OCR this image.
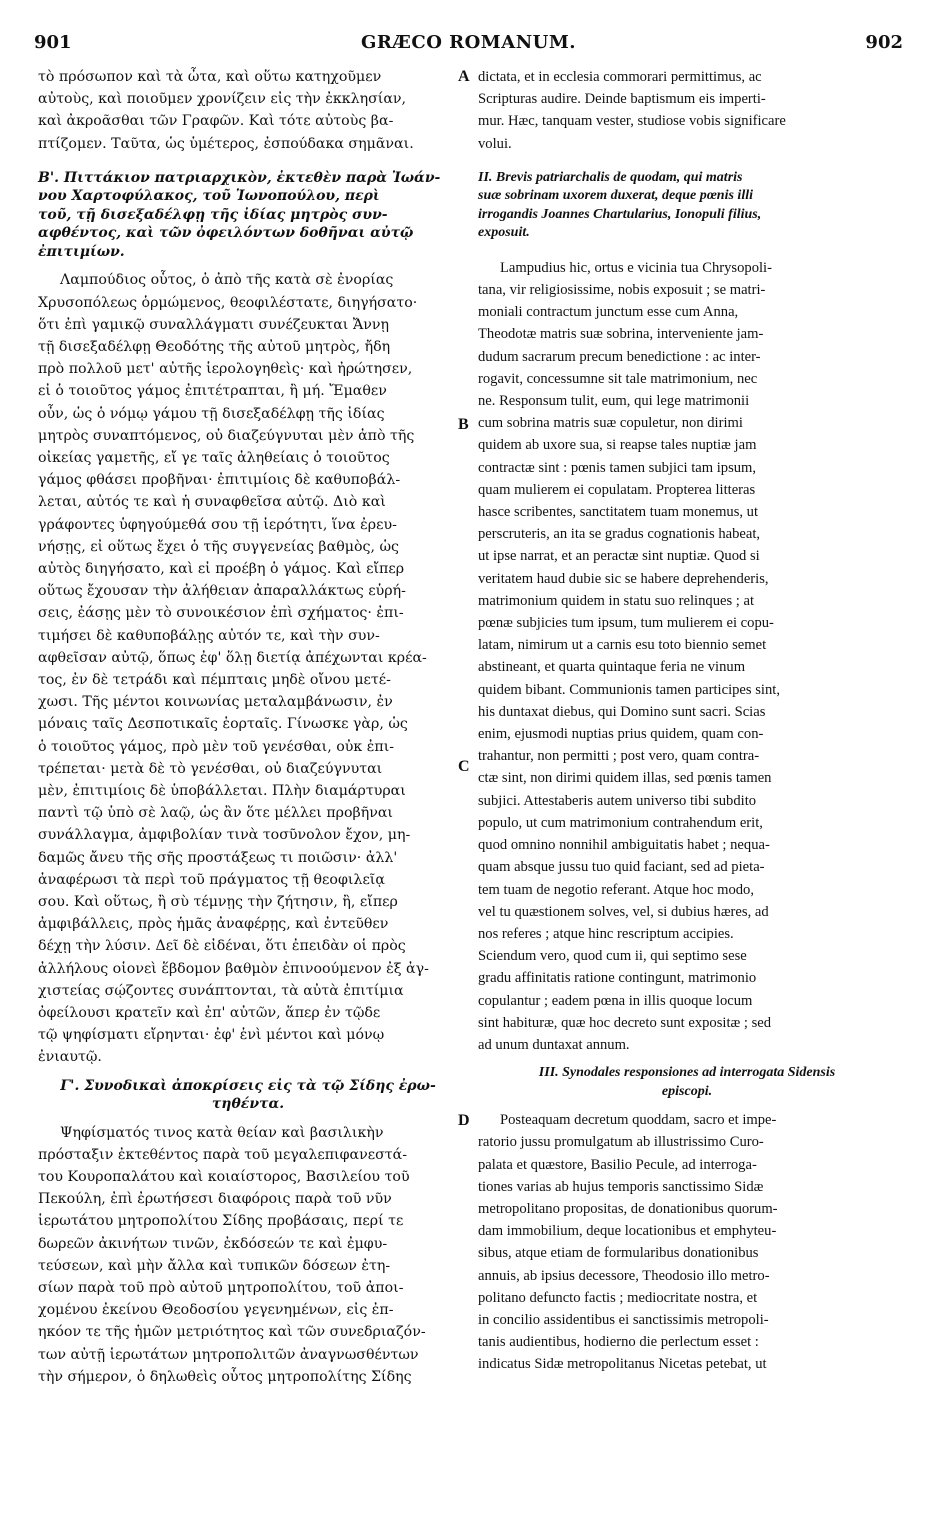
901	GRÆCO ROMANUM.	902
A
B
C
D

τὸ πρόσωπον καὶ τὰ ὦτα, καὶ οὕτω κατηχοῦμεν
αὐτοὺς, καὶ ποιοῦμεν χρονίζειν εἰς τὴν ἐκκλησίαν,
καὶ ἀκροᾶσθαι τῶν Γραφῶν. Καὶ τότε αὐτοὺς βα-
πτίζομεν. Ταῦτα, ὡς ὑμέτερος, ἐσπούδακα σημᾶναι.

Β'. Πιττάκιον πατριαρχικὸν, ἐκτεθὲν παρὰ Ἰωάν-
νου Χαρτοφύλακος, τοῦ Ἰωνοπούλου, περὶ
τοῦ, τῇ δισεξαδέλφῃ τῆς ἰδίας μητρὸς συν-
αφθέντος, καὶ τῶν ὀφειλόντων δοθῆναι αὐτῷ
ἐπιτιμίων.

Λαμπούδιος οὗτος, ὁ ἀπὸ τῆς κατὰ σὲ ἐνορίας
Χρυσοπόλεως ὁρμώμενος, θεοφιλέστατε, διηγήσατο·
ὅτι ἐπὶ γαμικῷ συναλλάγματι συνέζευκται Ἄννῃ
τῇ δισεξαδέλφῃ Θεοδότης τῆς αὐτοῦ μητρὸς, ἤδη
πρὸ πολλοῦ μετ' αὐτῆς ἱερολογηθεὶς· καὶ ἠρώτησεν,
εἰ ὁ τοιοῦτος γάμος ἐπιτέτραπται, ἢ μή. Ἔμαθεν
οὖν, ὡς ὁ νόμῳ γάμου τῇ δισεξαδέλφῃ τῆς ἰδίας
μητρὸς συναπτόμενος, οὐ διαζεύγνυται μὲν ἀπὸ τῆς
οἰκείας γαμετῆς, εἴ γε ταῖς ἀληθείαις ὁ τοιοῦτος
γάμος φθάσει προβῆναι· ἐπιτιμίοις δὲ καθυποβάλ-
λεται, αὐτός τε καὶ ἡ συναφθεῖσα αὐτῷ. Διὸ καὶ
γράφοντες ὑφηγούμεθά σου τῇ ἱερότητι, ἵνα ἐρευ-
νήσῃς, εἰ οὕτως ἔχει ὁ τῆς συγγενείας βαθμὸς, ὡς
αὐτὸς διηγήσατο, καὶ εἰ προέβη ὁ γάμος. Καὶ εἴπερ
οὕτως ἔχουσαν τὴν ἀλήθειαν ἀπαραλλάκτως εὑρή-
σεις, ἐάσῃς μὲν τὸ συνοικέσιον ἐπὶ σχήματος· ἐπι-
τιμήσει δὲ καθυποβάλῃς αὐτόν τε, καὶ τὴν συν-
αφθεῖσαν αὐτῷ, ὅπως ἐφ' ὅλῃ διετίᾳ ἀπέχωνται κρέα-
τος, ἐν δὲ τετράδι καὶ πέμπταις μηδὲ οἴνου μετέ-
χωσι. Τῆς μέντοι κοινωνίας μεταλαμβάνωσιν, ἐν
μόναις ταῖς Δεσποτικαῖς ἑορταῖς. Γίνωσκε γὰρ, ὡς
ὁ τοιοῦτος γάμος, πρὸ μὲν τοῦ γενέσθαι, οὐκ ἐπι-
τρέπεται· μετὰ δὲ τὸ γενέσθαι, οὐ διαζεύγνυται
μὲν, ἐπιτιμίοις δὲ ὑποβάλλεται. Πλὴν διαμάρτυραι
παντὶ τῷ ὑπὸ σὲ λαῷ, ὡς ἂν ὅτε μέλλει προβῆναι
συνάλλαγμα, ἀμφιβολίαν τινὰ τοσῦνολον ἔχον, μη-
δαμῶς ἄνευ τῆς σῆς προστάξεως τι ποιῶσιν· ἀλλ'
ἀναφέρωσι τὰ περὶ τοῦ πράγματος τῇ θεοφιλεῖᾳ
σου. Καὶ οὕτως, ἢ σὺ τέμνῃς τὴν ζήτησιν, ἢ, εἴπερ
ἀμφιβάλλεις, πρὸς ἡμᾶς ἀναφέρῃς, καὶ ἐντεῦθεν
δέχῃ τὴν λύσιν. Δεῖ δὲ εἰδέναι, ὅτι ἐπειδὰν οἱ πρὸς
ἀλλήλους οἱονεὶ ἕβδομον βαθμὸν ἐπινοούμενον ἐξ ἀγ-
χιστείας σῴζοντες συνάπτονται, τὰ αὐτὰ ἐπιτίμια
ὀφείλουσι κρατεῖν καὶ ἐπ' αὐτῶν, ἅπερ ἐν τῷδε
τῷ ψηφίσματι εἴρηνται· ἐφ' ἑνὶ μέντοι καὶ μόνῳ
ἐνιαυτῷ.

Γ'. Συνοδικαὶ ἀποκρίσεις εἰς τὰ τῷ Σίδης ἐρω-
τηθέντα.

Ψηφίσματός τινος κατὰ θείαν καὶ βασιλικὴν
πρόσταξιν ἐκτεθέντος παρὰ τοῦ μεγαλεπιφανεστά-
του Κουροπαλάτου καὶ κοιαίστορος, Βασιλείου τοῦ
Πεκούλη, ἐπὶ ἐρωτήσεσι διαφόροις παρὰ τοῦ νῦν
ἱερωτάτου μητροπολίτου Σίδης προβάσαις, περί τε
δωρεῶν ἀκινήτων τινῶν, ἐκδόσεών τε καὶ ἐμφυ-
τεύσεων, καὶ μὴν ἄλλα καὶ τυπικῶν δόσεων ἐτη-
σίων παρὰ τοῦ πρὸ αὐτοῦ μητροπολίτου, τοῦ ἀποι-
χομένου ἐκείνου Θεοδοσίου γεγενημένων, εἰς ἐπ-
ηκόον τε τῆς ἡμῶν μετριότητος καὶ τῶν συνεδριαζόν-
των αὐτῇ ἱερωτάτων μητροπολιτῶν ἀναγνωσθέντων
τὴν σήμερον, ὁ δηλωθεὶς οὗτος μητροπολίτης Σίδης

dictata, et in ecclesia commorari permittimus, ac
Scripturas audire. Deinde baptismum eis imperti-
mur. Hæc, tanquam vester, studiose vobis significare
volui.

II. Brevis patriarchalis de quodam, qui matris
suæ sobrinam uxorem duxerat, deque pœnis illi
irrogandis Joannes Chartularius, Ionopuli filius,
exposuit.

Lampudius hic, ortus e vicinia tua Chrysopoli-
tana, vir religiosissime, nobis exposuit ; se matri-
moniali contractum junctum esse cum Anna,
Theodotæ matris suæ sobrina, interveniente jam-
dudum sacrarum precum benedictione : ac inter-
rogavit, concessumne sit tale matrimonium, nec
ne. Responsum tulit, eum, qui lege matrimonii
cum sobrina matris suæ copuletur, non dirimi
quidem ab uxore sua, si reapse tales nuptiæ jam
contractæ sint : pœnis tamen subjici tam ipsum,
quam mulierem ei copulatam. Propterea litteras
hasce scribentes, sanctitatem tuam monemus, ut
perscruteris, an ita se gradus cognationis habeat,
ut ipse narrat, et an peractæ sint nuptiæ. Quod si
veritatem haud dubie sic se habere deprehenderis,
matrimonium quidem in statu suo relinques ; at
pœnæ subjicies tum ipsum, tum mulierem ei copu-
latam, nimirum ut a carnis esu toto biennio semet
abstineant, et quarta quintaque feria ne vinum
quidem bibant. Communionis tamen participes sint,
his duntaxat diebus, qui Domino sunt sacri. Scias
enim, ejusmodi nuptias prius quidem, quam con-
trahantur, non permitti ; post vero, quam contra-
ctæ sint, non dirimi quidem illas, sed pœnis tamen
subjici. Attestaberis autem universo tibi subdito
populo, ut cum matrimonium contrahendum erit,
quod omnino nonnihil ambiguitatis habet ; nequa-
quam absque jussu tuo quid faciant, sed ad pieta-
tem tuam de negotio referant. Atque hoc modo,
vel tu quæstionem solves, vel, si dubius hæres, ad
nos referes ; atque hinc rescriptum accipies.
Sciendum vero, quod cum ii, qui septimo sese
gradu affinitatis ratione contingunt, matrimonio
copulantur ; eadem pœna in illis quoque locum
sint habituræ, quæ hoc decreto sunt expositæ ; sed
ad unum duntaxat annum.

III. Synodales responsiones ad interrogata Sidensis
episcopi.

Posteaquam decretum quoddam, sacro et impe-
ratorio jussu promulgatum ab illustrissimo Curo-
palata et quæstore, Basilio Pecule, ad interroga-
tiones varias ab hujus temporis sanctissimo Sidæ
metropolitano propositas, de donationibus quorum-
dam immobilium, deque locationibus et emphyteu-
sibus, atque etiam de formularibus donationibus
annuis, ab ipsius decessore, Theodosio illo metro-
politano defuncto factis ; mediocritate nostra, et
in concilio assidentibus ei sanctissimis metropoli-
tanis audientibus, hodierno die perlectum esset :
indicatus Sidæ metropolitanus Nicetas petebat, ut
